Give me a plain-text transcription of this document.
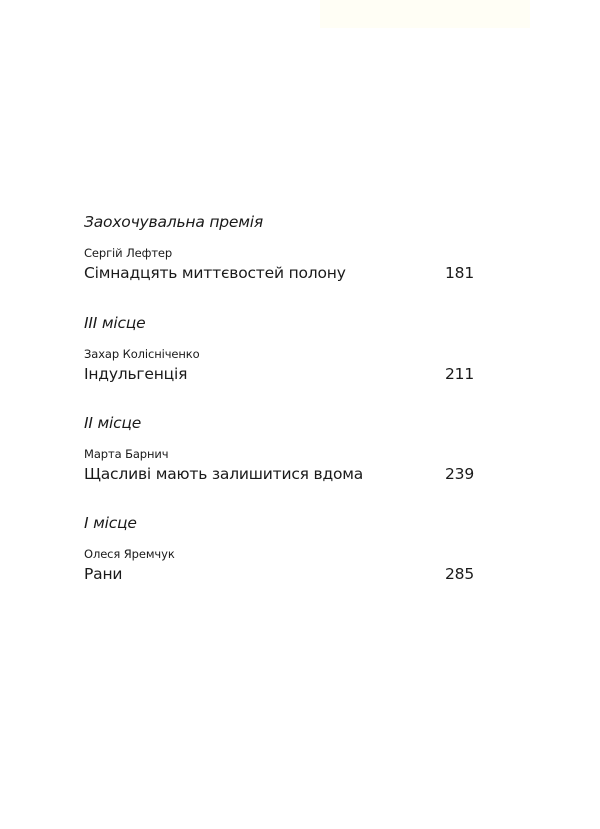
Заохочувальна премія
Сергій Лефтер
Сімнадцять миттєвостей полону	181
ІІІ місце
Захар Колісніченко
Індульгенція	211
ІІ місце
Марта Барнич
Щасливі мають залишитися вдома	239
І місце
Олеся Яремчук
Рани	285
